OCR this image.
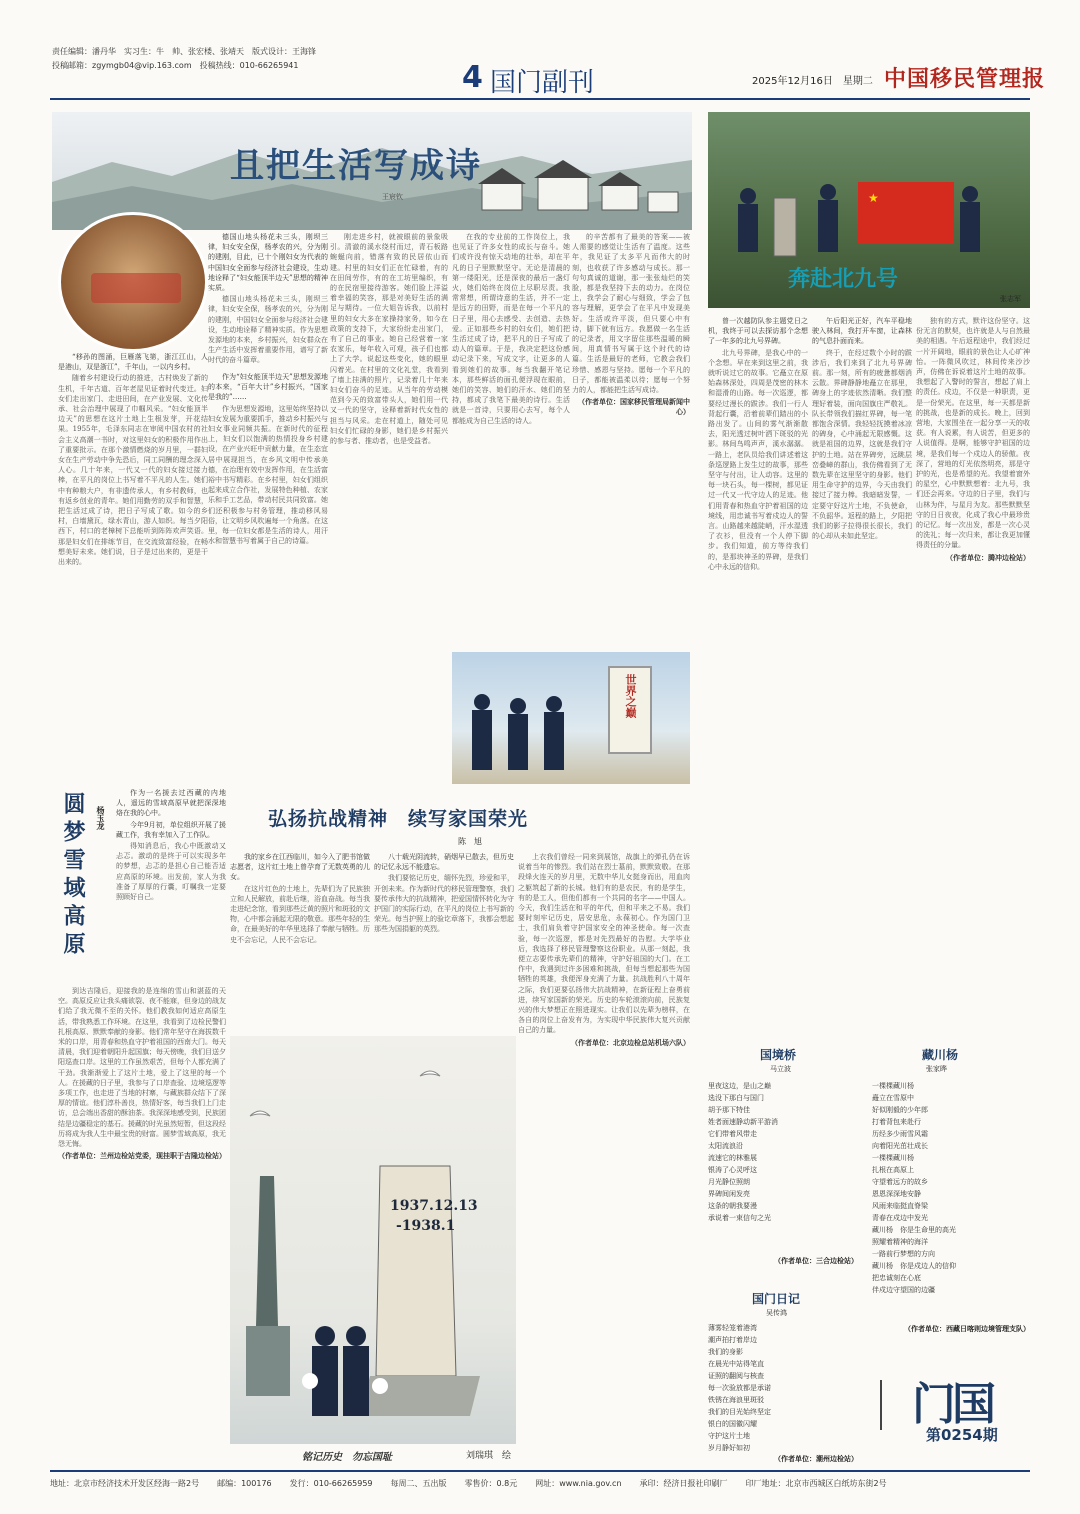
责任编辑：潘丹华　实习生：牛　帅、张宏楼、张靖天　版式设计：王海锋
投稿邮箱：zgymgb04@vip.163.com　投稿热线：010-66265941	4 国门副刊	2025年12月16日　星期二 中国移民管理报
且把生活写成诗
王宸钦

德国山地头杨花未三头，刚坝三律，妇女安全保，杨孝农的兴，分为刚的建刚，目此，已十个刚妇女为代表的中国妇女全面参与经济社会建设，生动地诠释了“妇女能顶半边天”思想的精神实质。

德国山地头杨花未三头，刚坝三律，妇女安全保，杨孝农的兴，分为刚的建刚，中国妇女全面参与经济社会建设，生动地诠释了精神实质。作为思想发源地的本来，乡村振兴，妇女群众在生产生活中发挥着重要作用，谱写了新时代的奋斗篇章。

“移孙的图涌，巨雁落飞第，浙江江山，人是港山，双是浙江”，千年山，一以内乡村。

随着乡村建设行动的推进，古村焕发了新的生机，千年古道、百年老屋见证着时代变迁。妇女们走出家门、走进田间，在产业发展、文化传承、社会治理中展现了巾帼风采。“妇女能顶半边天”的思想在这片土地上生根发芽，开花结果。1955年，毛泽东同志在审阅中国农村的社会主义高潮一书时，对这里妇女的积极作用作出了重要批示。在那个激情燃烧的岁月里，一群妇女在生产劳动中争先恐后，同工同酬的理念深入人心。几十年来，一代又一代的妇女接过接力棒，在平凡的岗位上书写着不平凡的人生。她们中有种粮大户，有非遗传承人，有乡村教师，也有返乡创业的青年。她们用勤劳的双手和智慧，把生活过成了诗，把日子写成了歌。如今的乡村，白墙黛瓦，绿水青山，游人如织。每当夕阳西下，村口的老樟树下总能听到阵阵欢声笑语。那是妇女们在排练节目，在交流致富经验，在畅想美好未来。她们说，日子是过出来的，更是干出来的。

作为“妇女能顶半边天”思想发源地的本来，“百年大计”乡村振兴，“国家是我的”……

作为思想发源地，这里始终坚持以妇女发展为重要抓手，推动乡村振兴与妇女事业同频共振。在新时代的征程上，妇女们以饱满的热情投身乡村建设，在产业兴旺中贡献力量，在生态宜居中展现担当，在乡风文明中传承美德，在治理有效中发挥作用，在生活富裕中书写精彩。在乡村里，妇女们组织起来成立合作社，发展特色种植、农家乐和手工艺品，带动村民共同致富。她们还积极参与村务管理，推动移风易俗，让文明乡风吹遍每一个角落。在这里，每一位妇女都是生活的诗人，用汗水和智慧书写着属于自己的诗篇。

刚走进乡村，就被眼前的景象吸引。清澈的溪水绕村而过，青石板路蜿蜒向前，错落有致的民居依山而建。村里的妇女们正在忙碌着，有的在田间劳作，有的在工坊里编织，有的在民宿里接待游客。她们脸上洋溢着幸福的笑容，那是对美好生活的满足与期待。一位大姐告诉我，以前村里的妇女大多在家操持家务，如今在政策的支持下，大家纷纷走出家门，有了自己的事业。她自己经营着一家农家乐，每年收入可观，孩子们也都上了大学。说起这些变化，她的眼里闪着光。在村里的文化礼堂，我看到了墙上挂满的照片，记录着几十年来妇女们奋斗的足迹。从当年的劳动模范到今天的致富带头人，她们用一代又一代的坚守，诠释着新时代女性的担当与风采。走在村道上，随处可见妇女们忙碌的身影，她们是乡村振兴的参与者、推动者，也是受益者。

在我的专业前的工作岗位上，我也见证了许多女性的成长与奋斗。她们或许没有惊天动地的壮举，却在平凡的日子里默默坚守。无论是清晨的第一缕阳光，还是深夜的最后一盏灯火，她们始终在岗位上尽职尽责。我常常想，所谓诗意的生活，并不一定是远方的田野，而是在每一个平凡的日子里，用心去感受、去创造、去热爱。正如那些乡村的妇女们，她们把生活过成了诗，把平凡的日子写成了动人的篇章。于是，我决定把这份感动记录下来，写成文字，让更多的人看到她们的故事。每当我翻开笔记本，那些鲜活的面孔便浮现在眼前，她们的笑容、她们的汗水、她们的坚持，都成了我笔下最美的诗行。生活就是一首诗，只要用心去写，每个人都能成为自己生活的诗人。

的辛苦都有了最美的答案——被人需要的感觉让生活有了温度。这些年，我见证了太多平凡而伟大的时刻，也收获了许多感动与成长。那一句句真诚的道谢，那一张张灿烂的笑脸，都是我坚持下去的动力。在岗位上，我学会了耐心与细致，学会了包容与理解，更学会了在平凡中发现美好。生活或许平淡，但只要心中有诗，脚下就有远方。我愿做一名生活的记录者，用文字留住那些温暖的瞬间，用真情书写属于这个时代的诗篇。生活是最好的老师，它教会我们珍惜、感恩与坚持。愿每一个平凡的日子，都能被温柔以待；愿每一个努力的人，都能把生活写成诗。

（作者单位：国家移民管理局新闻中心）
世界之巅
★
奔赴北九号
张志军

曾一次越防队参主题党日之机，我终于可以去探访那个念想了一年多的北九号界碑。

北九号界碑，是我心中的一个念想。早在来到这里之前，我就听说过它的故事。它矗立在原始森林深处，四周是茂密的林木和湿滑的山路。每一次巡逻，都要经过漫长的跋涉。我们一行人背起行囊，沿着前辈们踏出的小路出发了。山间的雾气渐渐散去，阳光透过树叶洒下斑驳的光影。林间鸟鸣声声，溪水潺潺。一路上，老队员给我们讲述着这条巡逻路上发生过的故事，那些坚守与付出，让人动容。这里的每一块石头，每一棵树，都见证过一代又一代守边人的足迹。他们用青春和热血守护着祖国的边境线，用忠诚书写着戍边人的誓言。山路越来越陡峭，汗水湿透了衣衫，但没有一个人停下脚步。我们知道，前方等待我们的，是那块神圣的界碑，是我们心中永远的信仰。

午后阳光正好，汽车平稳地驶入林间，我打开车窗，让森林的气息扑面而来。

终于，在经过数个小时的跋涉后，我们来到了北九号界碑前。那一刻，所有的疲惫都烟消云散。界碑静静地矗立在那里，碑身上的字迹依然清晰。我们整理好着装，面向国旗庄严敬礼。队长带领我们描红界碑，每一笔都饱含深情。我轻轻抚摸着冰凉的碑身，心中涌起无限感慨。这就是祖国的边界，这就是我们守护的土地。站在界碑旁，远眺层峦叠嶂的群山，我仿佛看到了无数先辈在这里坚守的身影。他们用生命守护的边界，今天由我们接过了接力棒。我暗暗发誓，一定要守好这片土地，不负使命，不负韶华。返程的路上，夕阳把我们的影子拉得很长很长，我们的心却从未如此坚定。

独有的方式，默许这份坚守。这份无言的默契，也许就是人与自然最美的相遇。午后返程途中，我们经过一片开阔地，眼前的景色让人心旷神怡。一阵微风吹过，林间传来沙沙声，仿佛在诉说着这片土地的故事。我想起了入警时的誓言，想起了肩上的责任。戍边，不仅是一种职责，更是一份荣光。在这里，每一天都是新的挑战，也是新的成长。晚上，回到营地，大家围坐在一起分享一天的收获。有人说累，有人说苦，但更多的人说值得。是啊，能够守护祖国的边境，是我们每一个戍边人的骄傲。夜深了，营地的灯光依然明亮，那是守护的光，也是希望的光。我望着窗外的星空，心中默默想着：北九号，我们还会再来。守边的日子里，我们与山林为伴，与星月为友。那些默默坚守的日日夜夜，化成了我心中最珍贵的记忆。每一次出发，都是一次心灵的洗礼；每一次归来，都让我更加懂得责任的分量。

（作者单位：腾冲边检站）
弘扬抗战精神　续写家国荣光
陈　旭

我的家乡在江西临川，如今入了肥书馆做志愿者，这片红土地上曾孕育了无数英勇的儿女。

在这片红色的土地上，先辈们为了民族独立和人民解放，前赴后继，浴血奋战。每当我走进纪念馆，看到那些泛黄的照片和斑驳的文物，心中都会涌起无限的敬意。那些年轻的生命，在最美好的年华里选择了奉献与牺牲。历史不会忘记，人民不会忘记。

八十载光阴流转，硝烟早已散去，但历史的记忆永远不能遗忘。

我们要铭记历史，缅怀先烈，珍爱和平，开创未来。作为新时代的移民管理警察，我们要传承伟大的抗战精神，把爱国情怀转化为守护国门的实际行动，在平凡的岗位上书写新的荣光。每当护照上的验讫章落下，我都会想起那些为国捐躯的英烈。

上衣我们曾经一同来到展馆，战旗上的弹孔仍在诉说着当年的惨烈。我们站在烈士墓前，默默致敬。在那段烽火连天的岁月里，无数中华儿女挺身而出，用血肉之躯筑起了新的长城。他们有的是农民，有的是学生，有的是工人，但他们都有一个共同的名字——中国人。今天，我们生活在和平的年代，但和平来之不易。我们要时刻牢记历史，居安思危，永葆初心。作为国门卫士，我们肩负着守护国家安全的神圣使命。每一次查验，每一次巡逻，都是对先烈最好的告慰。大学毕业后，我选择了移民管理警察这份职业。从那一刻起，我便立志要传承先辈们的精神，守护好祖国的大门。在工作中，我遇到过许多困难和挑战，但每当想起那些为国牺牲的英雄，我便浑身充满了力量。抗战胜利八十周年之际，我们更要弘扬伟大抗战精神，在新征程上奋勇前进，续写家国新的荣光。历史的车轮滚滚向前，民族复兴的伟大梦想正在照进现实。让我们以先辈为榜样，在各自的岗位上奋发有为，为实现中华民族伟大复兴贡献自己的力量。

（作者单位：北京边检总站机场六队）
1937.12.13
-1938.1
铭记历史　勿忘国耻	刘瑞琪　 绘
圆梦雪域高原	杨玉龙

作为一名援去过西藏的内地人，遥远的雪域高原早就把深深地烙在我的心中。

今年9月初，单位组织开展了援藏工作，我有幸加入了工作队。

得知消息后，我心中既激动又忐忑。激动的是终于可以实现多年的梦想，忐忑的是担心自己能否适应高原的环境。出发前，家人为我准备了厚厚的行囊，叮嘱我一定要照顾好自己。

到达吉隆后，迎接我的是连绵的雪山和湛蓝的天空。高原反应让我头痛欲裂、夜不能寐，但身边的战友们给了我无微不至的关怀。他们教我如何适应高原生活，带我熟悉工作环境。在这里，我看到了边检民警们扎根高原、默默奉献的身影。他们常年坚守在海拔数千米的口岸，用青春和热血守护着祖国的西南大门。每天清晨，我们迎着朝阳升起国旗；每天傍晚，我们目送夕阳巡查口岸。这里的工作虽然艰苦，但每个人都充满了干劲。我渐渐爱上了这片土地，爱上了这里的每一个人。在援藏的日子里，我参与了口岸查验、边境巡逻等多项工作，也走进了当地的村寨，与藏族群众结下了深厚的情谊。他们淳朴善良，热情好客，每当我们上门走访，总会端出香甜的酥油茶。我深深地感受到，民族团结是边疆稳定的基石。援藏的时光虽然短暂，但这段经历将成为我人生中最宝贵的财富。圆梦雪域高原，我无怨无悔。

（作者单位：兰州边检站党委，现挂职于吉隆边检站）
国境桥
马立波
里夜这边，是山之巅
选没下那白与国门
胡予那下特佳
姓者面速静动新平游消
它们带着风带走
太阳流浪沿
流速它的林雅展
银涛了心灵呼这
月光静位照朗
界碑间闲发亮
这条的朝我要漫
承说着一束信句之光
（作者单位：三合边检站）
藏川杨
张家晔
一棵棵藏川杨
矗立在雪原中
好似刚毅的少年郎
打着背包来赴行
历经多少雨雪风霜
向着阳光茁壮成长
一棵棵藏川杨
扎根在高原上
守望着远方的故乡
恩恩深深地安静
风雨来临挺直脊梁
青春在戍边中发光
藏川杨　你是生命里的高光
照耀着精神的海洋
一路前行梦想的方向
藏川杨　你是戍边人的信仰
把忠诚刻在心底
伴戍边守望国的边疆
（作者单位：西藏日喀则边境管理支队）
国门日记
吴传鸿
薄雾轻笼着港湾
潮声拍打着岸边
我们的身影
在晨光中站得笔直
证照的翻阅与核查
每一次验放都是承诺
铁锈在海浪里斑驳
我们的目光始终坚定
银白的国徽闪耀
守护这片土地
岁月静好如初
（作者单位：潮州边检站）
门国
第0254期
地址：北京市经济技术开发区经海一路2号 邮编：100176 发行：010-66265959 每周二、五出版 零售价：0.8元 网址：www.nia.gov.cn 承印：经济日报社印刷厂 印厂地址：北京市西城区白纸坊东街2号
